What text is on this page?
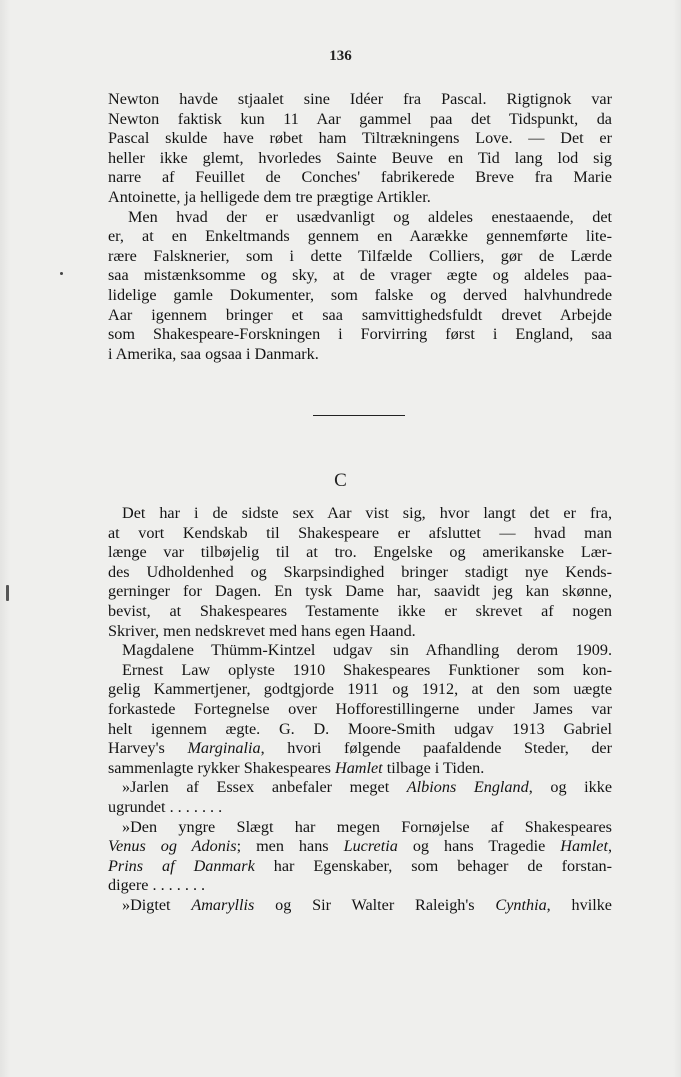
136
Newton havde stjaalet sine Idéer fra Pascal. Rigtignok var
Newton faktisk kun 11 Aar gammel paa det Tidspunkt, da
Pascal skulde have røbet ham Tiltrækningens Love. — Det er
heller ikke glemt, hvorledes Sainte Beuve en Tid lang lod sig
narre af Feuillet de Conches' fabrikerede Breve fra Marie
Antoinette, ja helligede dem tre prægtige Artikler.
Men hvad der er usædvanligt og aldeles enestaaende, det
er, at en Enkeltmands gennem en Aarække gennemførte lite-
rære Falsknerier, som i dette Tilfælde Colliers, gør de Lærde
saa mistænksomme og sky, at de vrager ægte og aldeles paa-
lidelige gamle Dokumenter, som falske og derved halvhundrede
Aar igennem bringer et saa samvittighedsfuldt drevet Arbejde
som Shakespeare-Forskningen i Forvirring først i England, saa
i Amerika, saa ogsaa i Danmark.
C
Det har i de sidste sex Aar vist sig, hvor langt det er fra,
at vort Kendskab til Shakespeare er afsluttet — hvad man
længe var tilbøjelig til at tro. Engelske og amerikanske Lær-
des Udholdenhed og Skarpsindighed bringer stadigt nye Kends-
gerninger for Dagen. En tysk Dame har, saavidt jeg kan skønne,
bevist, at Shakespeares Testamente ikke er skrevet af nogen
Skriver, men nedskrevet med hans egen Haand.
Magdalene Thümm-Kintzel udgav sin Afhandling derom 1909.
Ernest Law oplyste 1910 Shakespeares Funktioner som kon-
gelig Kammertjener, godtgjorde 1911 og 1912, at den som uægte
forkastede Fortegnelse over Hofforestillingerne under James var
helt igennem ægte. G. D. Moore-Smith udgav 1913 Gabriel
Harvey's Marginalia, hvori følgende paafaldende Steder, der
sammenlagte rykker Shakespeares Hamlet tilbage i Tiden.
»Jarlen af Essex anbefaler meget Albions England, og ikke
ugrundet . . . . . . .
»Den yngre Slægt har megen Fornøjelse af Shakespeares
Venus og Adonis; men hans Lucretia og hans Tragedie Hamlet,
Prins af Danmark har Egenskaber, som behager de forstan-
digere . . . . . . .
»Digtet Amaryllis og Sir Walter Raleigh's Cynthia, hvilke
